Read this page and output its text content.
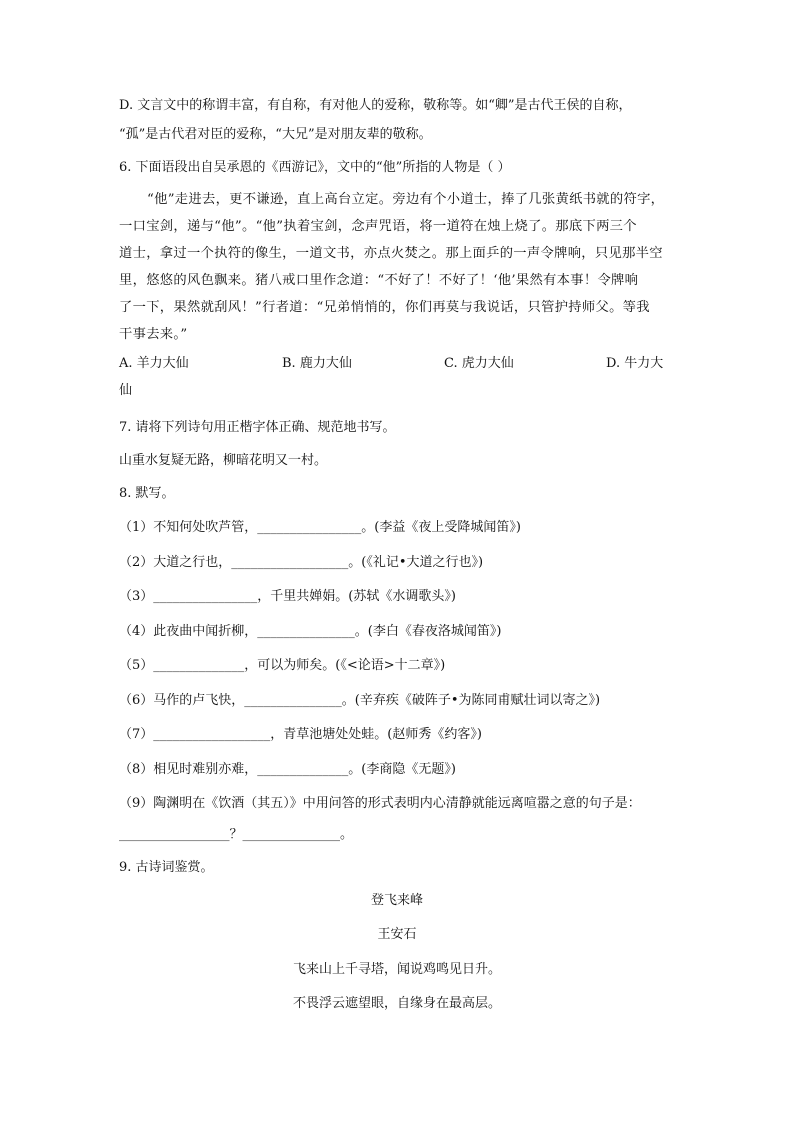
D. 文言文中的称谓丰富，有自称，有对他人的爱称，敬称等。如“卿”是古代王侯的自称，
“孤”是古代君对臣的爱称，“大兄”是对朋友辈的敬称。
6. 下面语段出自吴承恩的《西游记》，文中的“他”所指的人物是（ ）
“他”走进去，更不谦逊，直上高台立定。旁边有个小道士，捧了几张黄纸书就的符字，
一口宝剑，递与“他”。“他”执着宝剑，念声咒语，将一道符在烛上烧了。那底下两三个
道士，拿过一个执符的像生，一道文书，亦点火焚之。那上面乒的一声令牌响，只见那半空
里，悠悠的风色飘来。猪八戒口里作念道：“不好了！不好了！‘他’果然有本事！令牌响
了一下，果然就刮风！”行者道：“兄弟悄悄的，你们再莫与我说话，只管护持师父。等我
干事去来。”
A. 羊力大仙	B. 鹿力大仙	C. 虎力大仙	D. 牛力大
仙
7. 请将下列诗句用正楷字体正确、规范地书写。
山重水复疑无路，柳暗花明又一村。
8. 默写。
（1）不知何处吹芦管，________________。(李益《夜上受降城闻笛》)
（2）大道之行也，__________________。(《礼记•大道之行也》)
（3）________________，千里共婵娟。(苏轼《水调歌头》)
（4）此夜曲中闻折柳，_______________。(李白《春夜洛城闻笛》)
（5）______________，可以为师矣。(《<论语>十二章》)
（6）马作的卢飞快，_______________。(辛弃疾《破阵子•为陈同甫赋壮词以寄之》)
（7）__________________，青草池塘处处蛙。(赵师秀《约客》)
（8）相见时难别亦难，______________。(李商隐《无题》)
（9）陶渊明在《饮酒（其五）》中用问答的形式表明内心清静就能远离喧嚣之意的句子是：
_________________？_______________。
9. 古诗词鉴赏。
登飞来峰
王安石
飞来山上千寻塔，闻说鸡鸣见日升。
不畏浮云遮望眼，自缘身在最高层。
